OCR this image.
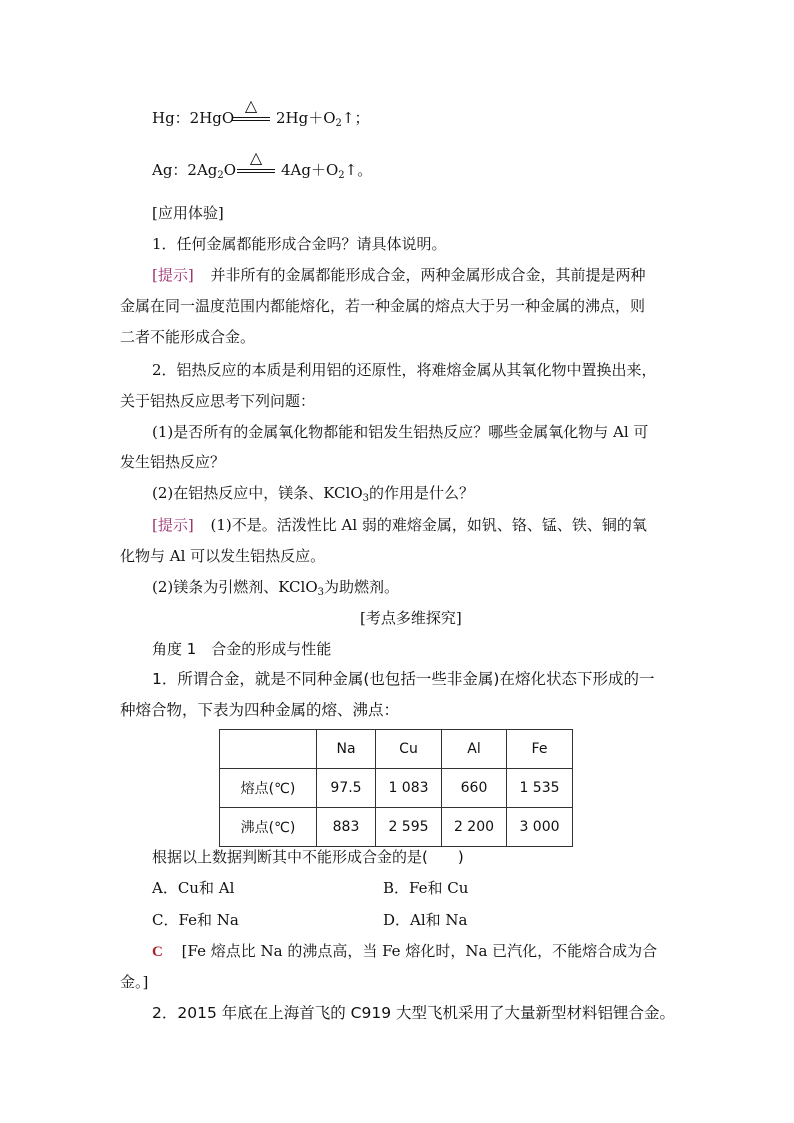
Hg：2HgO
△
$2Hg+O_2↑$；
Ag：$2Ag_2O$
△
$4Ag+O_2↑$。
[应用体验]
1．任何金属都能形成合金吗？请具体说明。
[提示] 并非所有的金属都能形成合金，两种金属形成合金，其前提是两种
金属在同一温度范围内都能熔化，若一种金属的熔点大于另一种金属的沸点，则
二者不能形成合金。
2．铝热反应的本质是利用铝的还原性，将难熔金属从其氧化物中置换出来，
关于铝热反应思考下列问题：
(1)是否所有的金属氧化物都能和铝发生铝热反应？哪些金属氧化物与 Al 可
发生铝热反应？
(2)在铝热反应中，镁条、KClO$_3$的作用是什么？
[提示] (1)不是。活泼性比 Al 弱的难熔金属，如钒、铬、锰、铁、铜的氧
化物与 Al 可以发生铝热反应。
(2)镁条为引燃剂、KClO$_3$为助燃剂。
[考点多维探究]
角度 1　合金的形成与性能
1．所谓合金，就是不同种金属(也包括一些非金属)在熔化状态下形成的一
种熔合物，下表为四种金属的熔、沸点：
	Na	Cu	Al	Fe
熔点(℃)	97.5	1 083	660	1 535
沸点(℃)	883	2 595	2 200	3 000
根据以上数据判断其中不能形成合金的是(　　)
A．Cu和 Al	B．Fe和 Cu
C．Fe和 Na	D．Al和 Na
C [Fe 熔点比 Na 的沸点高，当 Fe 熔化时，Na 已汽化，不能熔合成为合
金。]
2．2015 年底在上海首飞的 C919 大型飞机采用了大量新型材料铝锂合金。
